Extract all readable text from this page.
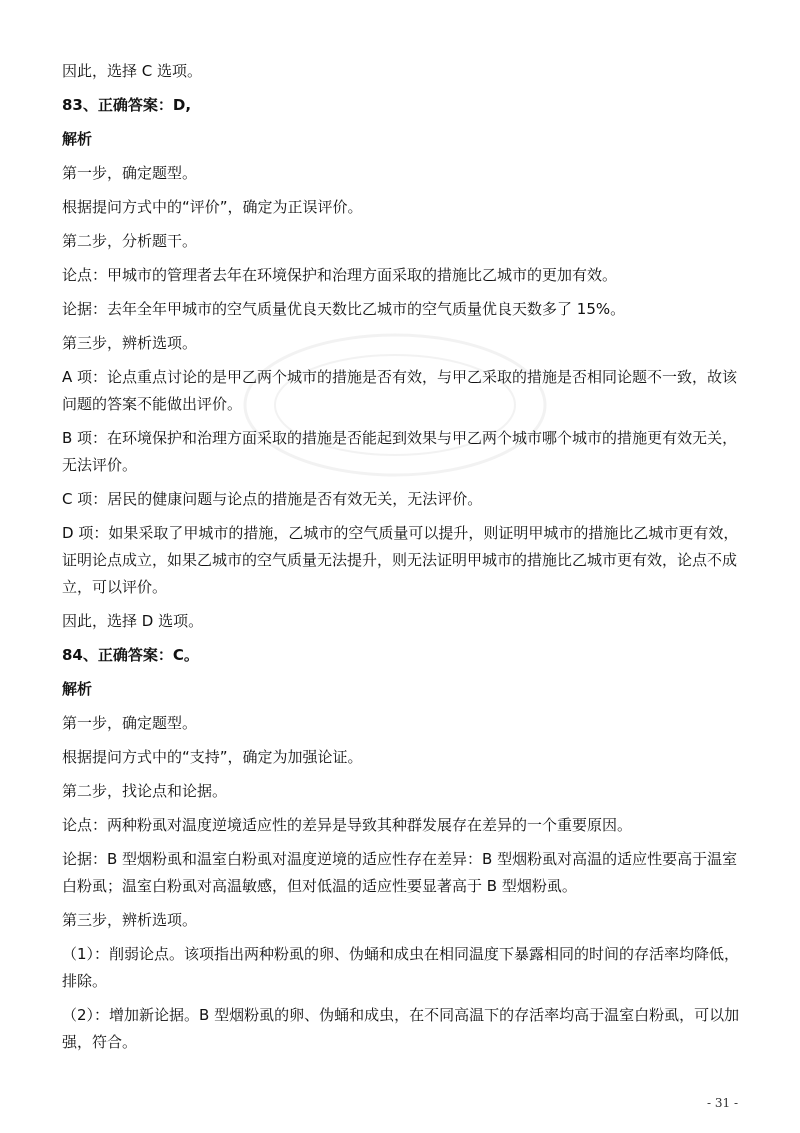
因此，选择 C 选项。

83、正确答案：D,

解析

第一步，确定题型。

根据提问方式中的“评价”，确定为正误评价。

第二步，分析题干。

论点：甲城市的管理者去年在环境保护和治理方面采取的措施比乙城市的更加有效。

论据：去年全年甲城市的空气质量优良天数比乙城市的空气质量优良天数多了 15%。

第三步，辨析选项。

A 项：论点重点讨论的是甲乙两个城市的措施是否有效，与甲乙采取的措施是否相同论题不一致，故该问题的答案不能做出评价。

B 项：在环境保护和治理方面采取的措施是否能起到效果与甲乙两个城市哪个城市的措施更有效无关，无法评价。

C 项：居民的健康问题与论点的措施是否有效无关，无法评价。

D 项：如果采取了甲城市的措施，乙城市的空气质量可以提升，则证明甲城市的措施比乙城市更有效，证明论点成立，如果乙城市的空气质量无法提升，则无法证明甲城市的措施比乙城市更有效，论点不成立，可以评价。

因此，选择 D 选项。

84、正确答案：C。

解析

第一步，确定题型。

根据提问方式中的“支持”，确定为加强论证。

第二步，找论点和论据。

论点：两种粉虱对温度逆境适应性的差异是导致其种群发展存在差异的一个重要原因。

论据：B 型烟粉虱和温室白粉虱对温度逆境的适应性存在差异：B 型烟粉虱对高温的适应性要高于温室白粉虱；温室白粉虱对高温敏感，但对低温的适应性要显著高于 B 型烟粉虱。

第三步，辨析选项。

（1）：削弱论点。该项指出两种粉虱的卵、伪蛹和成虫在相同温度下暴露相同的时间的存活率均降低，排除。

（2）：增加新论据。B 型烟粉虱的卵、伪蛹和成虫，在不同高温下的存活率均高于温室白粉虱，可以加强，符合。

- 31 -
